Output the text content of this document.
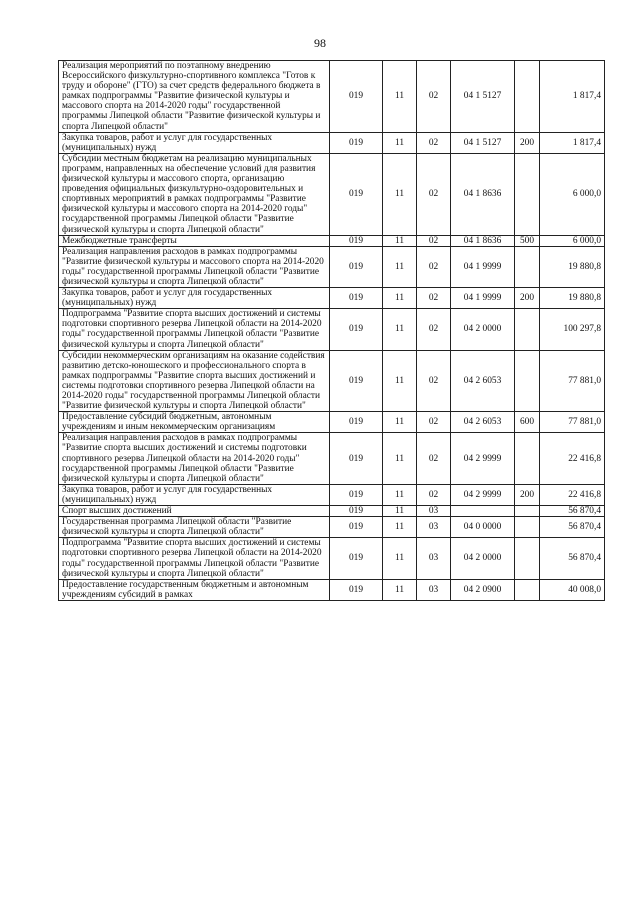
98
Реализация мероприятий по поэтапному внедрению Всероссийского физкультурно-спортивного комплекса "Готов к труду и обороне" (ГТО) за счет средств федерального бюджета в рамках подпрограммы "Развитие физической культуры и массового спорта на 2014-2020 годы" государственной программы Липецкой области "Развитие физической культуры и спорта Липецкой области"	019	11	02	04 1 5127		1 817,4
Закупка товаров, работ и услуг для государственных (муниципальных) нужд	019	11	02	04 1 5127	200	1 817,4
Субсидии местным бюджетам на реализацию муниципальных программ, направленных на обеспечение условий для развития физической культуры и массового спорта, организацию проведения официальных физкультурно-оздоровительных и спортивных мероприятий в рамках подпрограммы "Развитие физической культуры и массового спорта на 2014-2020 годы" государственной программы Липецкой области "Развитие физической культуры и спорта Липецкой области"	019	11	02	04 1 8636		6 000,0
Межбюджетные трансферты	019	11	02	04 1 8636	500	6 000,0
Реализация направления расходов в рамках подпрограммы "Развитие физической культуры и массового спорта на 2014-2020 годы" государственной программы Липецкой области "Развитие физической культуры и спорта Липецкой области"	019	11	02	04 1 9999		19 880,8
Закупка товаров, работ и услуг для государственных (муниципальных) нужд	019	11	02	04 1 9999	200	19 880,8
Подпрограмма "Развитие спорта высших достижений и системы подготовки спортивного резерва Липецкой области на 2014-2020 годы" государственной программы Липецкой области "Развитие физической культуры и спорта Липецкой области"	019	11	02	04 2 0000		100 297,8
Субсидии некоммерческим организациям на оказание содействия развитию детско-юношеского и профессионального спорта в рамках подпрограммы "Развитие спорта высших достижений и системы подготовки спортивного резерва Липецкой области на 2014-2020 годы" государственной программы Липецкой области "Развитие физической культуры и спорта Липецкой области"	019	11	02	04 2 6053		77 881,0
Предоставление субсидий бюджетным, автономным учреждениям и иным некоммерческим организациям	019	11	02	04 2 6053	600	77 881,0
Реализация направления расходов в рамках подпрограммы "Развитие спорта высших достижений и системы подготовки спортивного резерва Липецкой области на 2014-2020 годы" государственной программы Липецкой области "Развитие физической культуры и спорта Липецкой области"	019	11	02	04 2 9999		22 416,8
Закупка товаров, работ и услуг для государственных (муниципальных) нужд	019	11	02	04 2 9999	200	22 416,8
Спорт высших достижений	019	11	03			56 870,4
Государственная программа Липецкой области "Развитие физической культуры и спорта Липецкой области"	019	11	03	04 0 0000		56 870,4
Подпрограмма "Развитие спорта высших достижений и системы подготовки спортивного резерва Липецкой области на 2014-2020 годы" государственной программы Липецкой области "Развитие физической культуры и спорта Липецкой области"	019	11	03	04 2 0000		56 870,4
Предоставление государственным бюджетным и автономным учреждениям субсидий в рамках	019	11	03	04 2 0900		40 008,0
